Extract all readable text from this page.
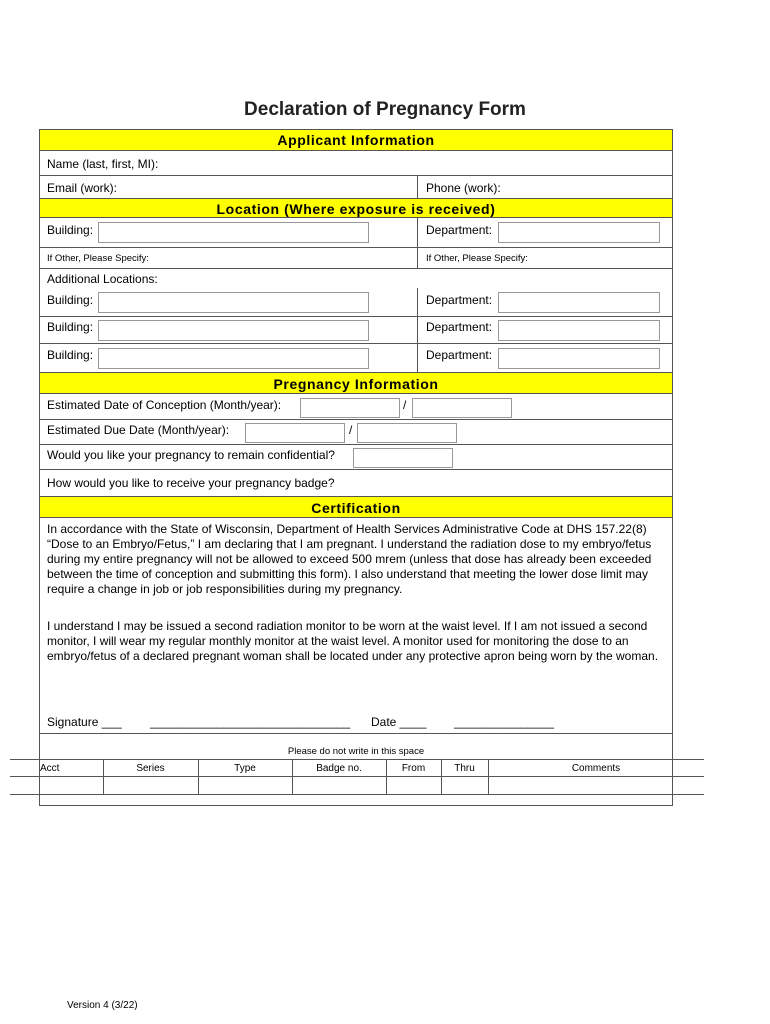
Declaration of Pregnancy Form
Applicant Information
Name (last, first, MI):
Email (work):	Phone (work):
Location (Where exposure is received)
Building:	Department:
If Other, Please Specify:	If Other, Please Specify:
Additional Locations:
Building:	Department:
Building:	Department:
Building:	Department:
Pregnancy Information
Estimated Date of Conception (Month/year):	/
Estimated Due Date (Month/year):	/
Would you like your pregnancy to remain confidential?
How would you like to receive your pregnancy badge?
Certification
In accordance with the State of Wisconsin, Department of Health Services Administrative Code at DHS 157.22(8) “Dose to an Embryo/Fetus,” I am declaring that I am pregnant. I understand the radiation dose to my embryo/fetus during my entire pregnancy will not be allowed to exceed 500 mrem (unless that dose has already been exceeded between the time of conception and submitting this form). I also understand that meeting the lower dose limit may require a change in job or job responsibilities during my pregnancy.
I understand I may be issued a second radiation monitor to be worn at the waist level. If I am not issued a second monitor, I will wear my regular monthly monitor at the waist level. A monitor used for monitoring the dose to an embryo/fetus of a declared pregnant woman shall be located under any protective apron being worn by the woman.
Signature ___ ______________________________ Date ____ _______________
Please do not write in this space
Acct	Series	Type	Badge no.	From	Thru	Comments
Version 4 (3/22)
